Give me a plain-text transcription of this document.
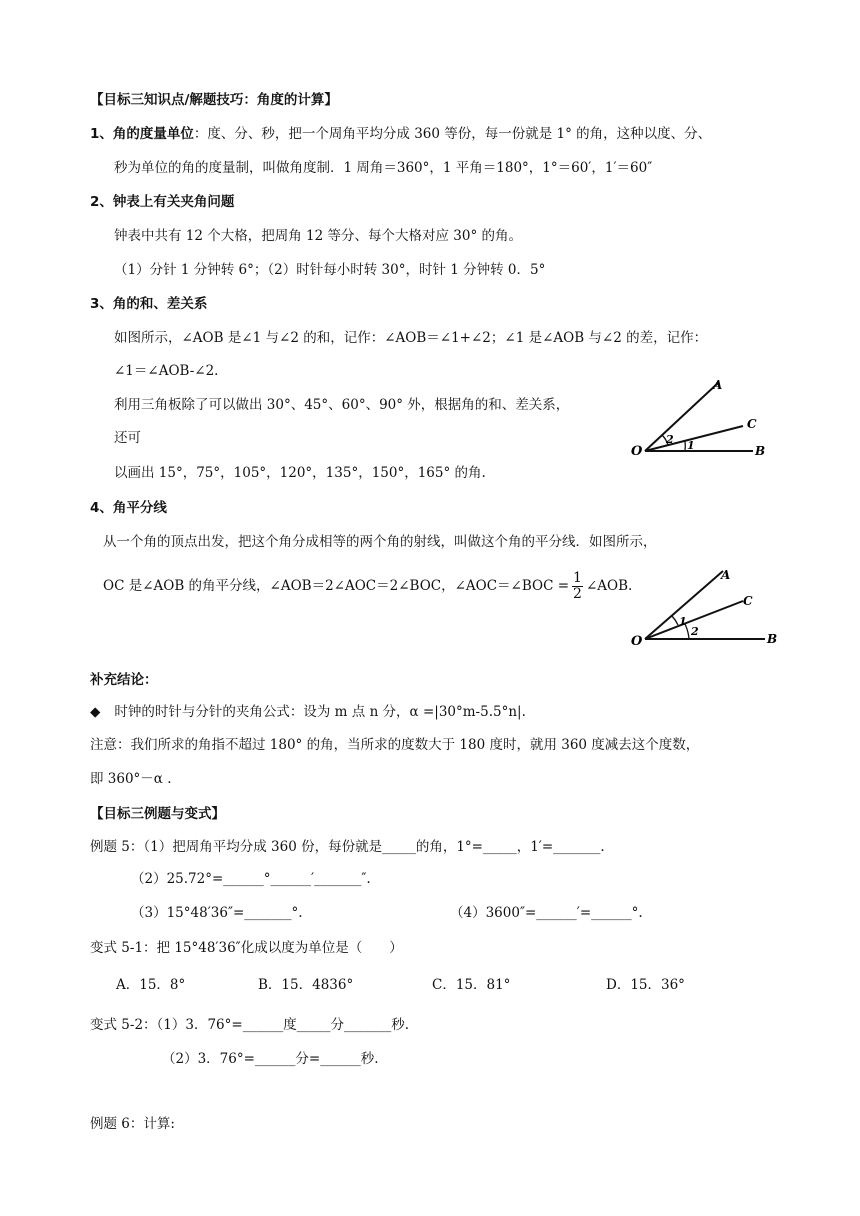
【目标三知识点/解题技巧：角度的计算】
1、角的度量单位：度、分、秒，把一个周角平均分成 360 等份，每一份就是 1° 的角，这种以度、分、
秒为单位的角的度量制，叫做角度制．1 周角＝360°，1 平角＝180°，1°＝60′，1′＝60″
2、钟表上有关夹角问题
钟表中共有 12 个大格，把周角 12 等分、每个大格对应 30° 的角。
（1）分针 1 分钟转 6°；（2）时针每小时转 30°，时针 1 分钟转 0．5°
3、角的和、差关系
如图所示，∠AOB 是∠1 与∠2 的和，记作：∠AOB＝∠1+∠2；∠1 是∠AOB 与∠2 的差，记作：
∠1＝∠AOB-∠2.
利用三角板除了可以做出 30°、45°、60°、90° 外，根据角的和、差关系，
还可
以画出 15°，75°，105°，120°，135°，150°，165° 的角.
O
A
C
B
1
2
4、角平分线
从一个角的顶点出发，把这个角分成相等的两个角的射线，叫做这个角的平分线．如图所示，
OC 是∠AOB 的角平分线，∠AOB＝2∠AOC＝2∠BOC，∠AOC＝∠BOC = $\frac{1}{2}$ ∠AOB.
O
A
C
B
1
2
补充结论：
◆ 时钟的时针与分针的夹角公式：设为 m 点 n 分，α =|30°m-5.5°n|.
注意：我们所求的角指不超过 180° 的角，当所求的度数大于 180 度时，就用 360 度减去这个度数，
即 360°－α .
【目标三例题与变式】
例题 5：（1）把周角平均分成 360 份，每份就是_____的角，1°=_____，1′=_______.
（2）25.72°=______°______′_______″.
（3）15°48′36″=_______°.	（4）3600″=______′=______°.
变式 5-1：把 15°48′36″化成以度为单位是（　　）
A．15．8°	B．15．4836°	C．15．81°	D．15．36°
变式 5-2：（1）3．76°=______度_____分_______秒.
（2）3．76°=______分=______秒.
例题 6：计算:
